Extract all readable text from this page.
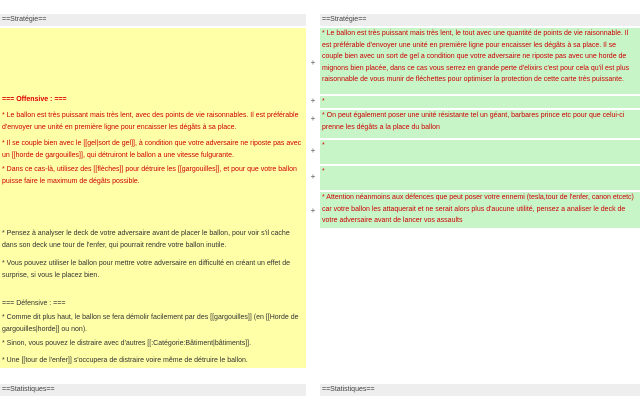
==Stratégie==	==Stratégie==
=== Offensive : ===
* Le ballon est très puissant mais très lent, avec des points de vie raisonnables. Il est préférable d'envoyer une unité en première ligne pour encaisser les dégâts à sa place.
* Il se couple bien avec le [[gel|sort de gel]], à condition que votre adversaire ne riposte pas avec un [[horde de gargouilles]], qui détruiront le ballon a une vitesse fulgurante.
* Dans ce cas-là, utilisez des [[flèches]] pour détruire les [[gargouilles]], et pour que votre ballon puisse faire le maximum de dégâts possible.
* Pensez à analyser le deck de votre adversaire avant de placer le ballon, pour voir s'il cache dans son deck une tour de l'enfer, qui pourrait rendre votre ballon inutile.
* Vous pouvez utiliser le ballon pour mettre votre adversaire en difficulté en créant un effet de surprise, si vous le placez bien.
=== Défensive : ===
* Comme dit plus haut, le ballon se fera démolir facilement par des [[gargouilles]] (en [[Horde de gargouilles|horde]] ou non).
* Sinon, vous pouvez le distraire avec d'autres [[:Catégorie:Bâtiment|bâtiments]].
* Une [[tour de l'enfer]] s'occupera de distraire voire même de détruire le ballon.
* Le ballon est très puissant mais très lent, le tout avec une quantité de points de vie raisonnable. Il est préférable d'envoyer une unité en première ligne pour encaisser les dégâts à sa place. Il se couple bien avec un sort de gel a condition que votre adversaire ne riposte pas avec une horde de mignons bien placée, dans ce cas vous serrez en grande perte d'elixirs c'est pour cela qu'il est plus raisonnable de vous munir de fléchettes pour optimiser la protection de cette carte très puissante.
*
* On peut également poser une unité résistante tel un géant, barbares prince etc pour que celui-ci prenne les dégâts a la place du ballon
*
*
* Attention néanmoins aux défences que peut poser votre ennemi (tesla,tour de l'enfer, canon etcetc) car votre ballon les attaquerait et ne serait alors plus d'aucune utilité, pensez a analiser le deck de votre adversaire avant de lancer vos assaults
+
+
+
+
+
+
==Statistiques==	==Statistiques==
